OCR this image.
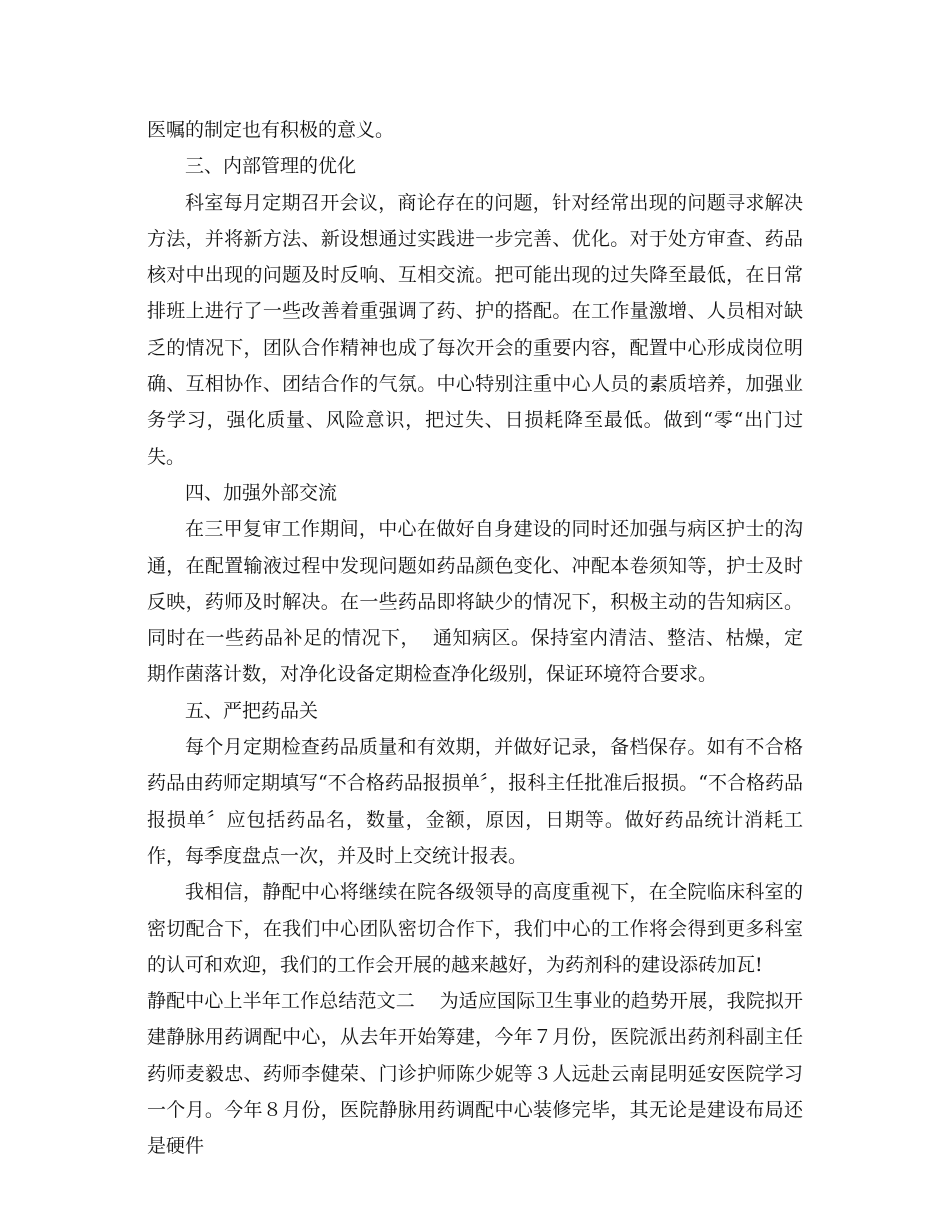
医嘱的制定也有积极的意义。

三、内部管理的优化

科室每月定期召开会议，商论存在的问题，针对经常出现的问题寻求解决方法，并将新方法、新设想通过实践进一步完善、优化。对于处方审查、药品核对中出现的问题及时反响、互相交流。把可能出现的过失降至最低，在日常排班上进行了一些改善着重强调了药、护的搭配。在工作量激增、人员相对缺乏的情况下，团队合作精神也成了每次开会的重要内容，配置中心形成岗位明确、互相协作、团结合作的气氛。中心特别注重中心人员的素质培养，加强业务学习，强化质量、风险意识，把过失、日损耗降至最低。做到“零“出门过失。

四、加强外部交流

在三甲复审工作期间，中心在做好自身建设的同时还加强与病区护士的沟通，在配置输液过程中发现问题如药品颜色变化、冲配本卷须知等，护士及时反映，药师及时解决。在一些药品即将缺少的情况下，积极主动的告知病区。同时在一些药品补足的情况下，  通知病区。保持室内清洁、整洁、枯燥，定期作菌落计数，对净化设备定期检查净化级别，保证环境符合要求。

五、严把药品关

每个月定期检查药品质量和有效期，并做好记录，备档保存。如有不合格药品由药师定期填写“不合格药品报损单〞，报科主任批准后报损。“不合格药品报损单〞应包括药品名，数量，金额，原因，日期等。做好药品统计消耗工作，每季度盘点一次，并及时上交统计报表。

我相信，静配中心将继续在院各级领导的高度重视下，在全院临床科室的密切配合下，在我们中心团队密切合作下，我们中心的工作将会得到更多科室的认可和欢迎，我们的工作会开展的越来越好，为药剂科的建设添砖加瓦!

静配中心上半年工作总结范文二    为适应国际卫生事业的趋势开展，我院拟开建静脉用药调配中心，从去年开始筹建，今年７月份，医院派出药剂科副主任药师麦毅忠、药师李健荣、门诊护师陈少妮等３人远赴云南昆明延安医院学习一个月。今年８月份，医院静脉用药调配中心装修完毕，其无论是建设布局还是硬件
